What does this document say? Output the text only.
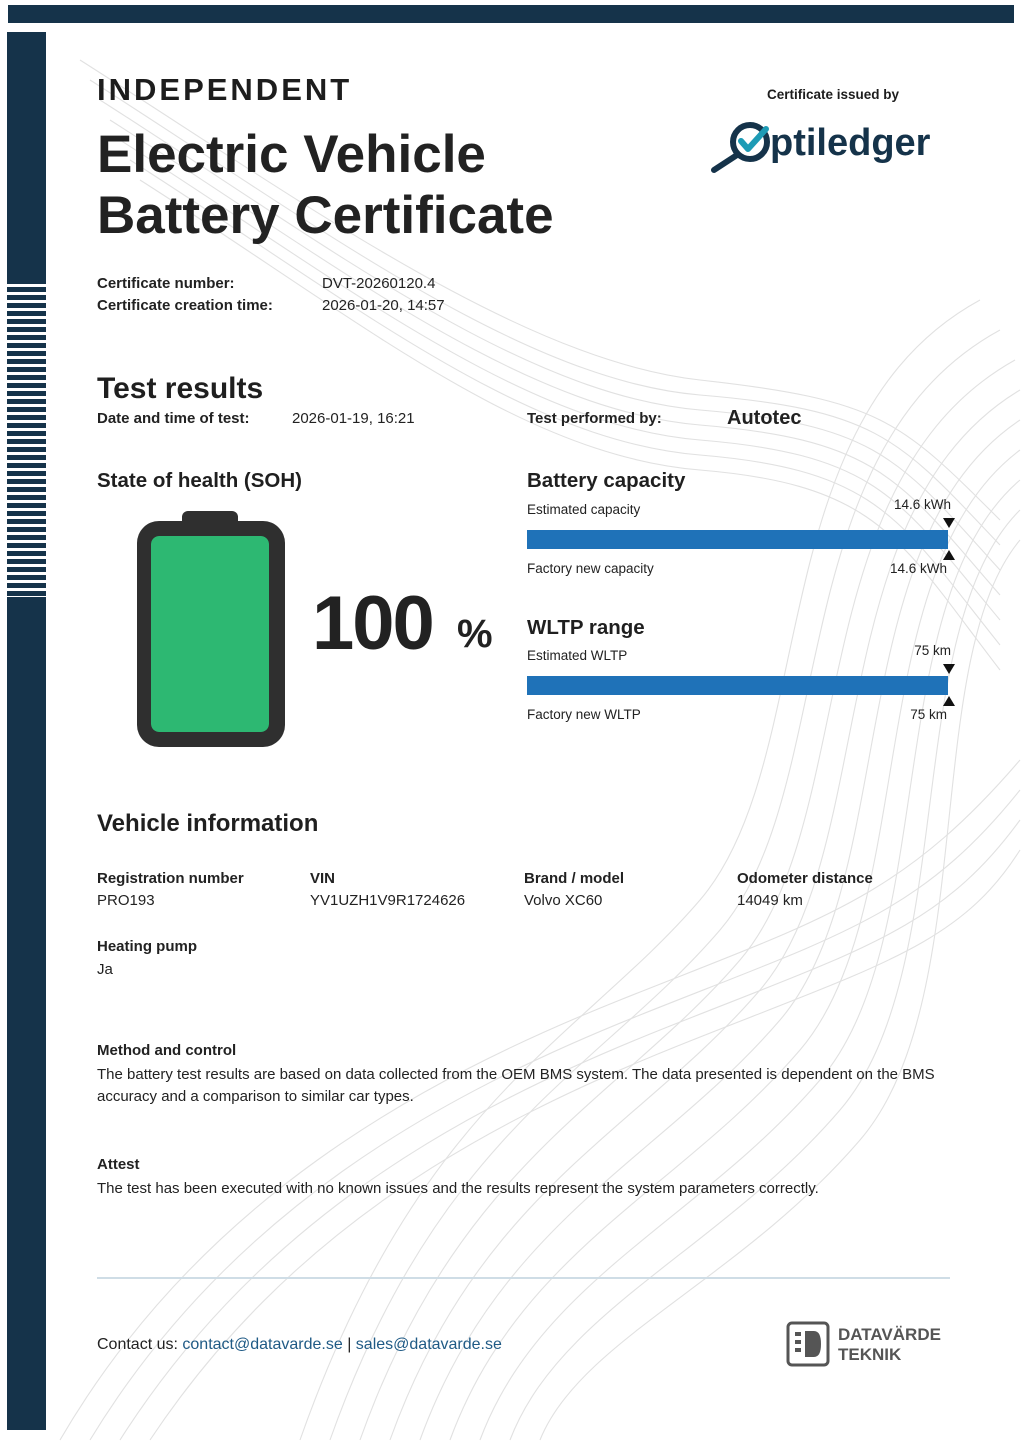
INDEPENDENT
Electric Vehicle
Battery Certificate
Certificate issued by
ptiledger
Certificate number:	DVT-20260120.4
Certificate creation time:	2026-01-20, 14:57
Test results
Date and time of test:	2026-01-19, 16:21	Test performed by:	Autotec
State of health (SOH)
100 %
Battery capacity
Estimated capacity	14.6 kWh
Factory new capacity	14.6 kWh
WLTP range
Estimated WLTP	75 km
Factory new WLTP	75 km
Vehicle information
Registration number
PRO193
VIN
YV1UZH1V9R1724626
Brand / model
Volvo XC60
Odometer distance
14049 km
Heating pump
Ja
Method and control
The battery test results are based on data collected from the OEM BMS system. The data presented is dependent on the BMS accuracy and a comparison to similar car types.
Attest
The test has been executed with no known issues and the results represent the system parameters correctly.
Contact us: contact@datavarde.se | sales@datavarde.se
DATAVÄRDE
TEKNIK
